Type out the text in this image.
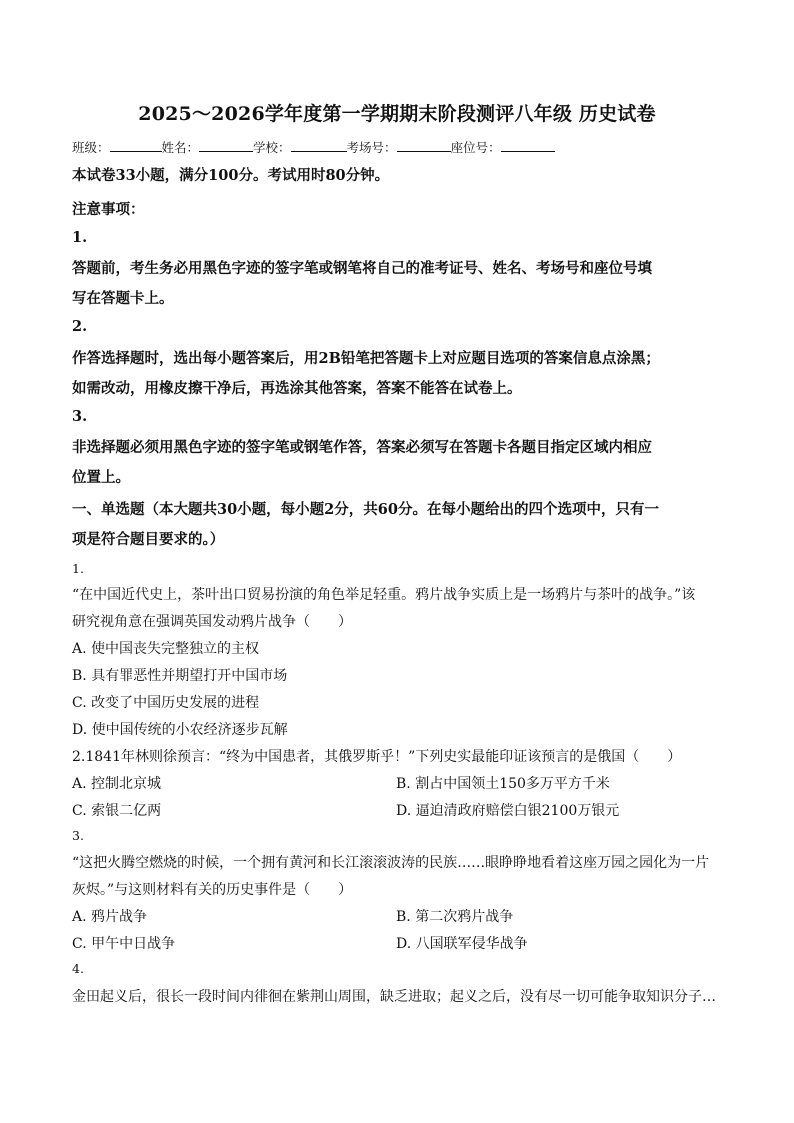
2025～2026学年度第一学期期末阶段测评八年级 历史试卷
班级：	姓名：	学校：	考场号：	座位号：
本试卷33小题，满分100分。考试用时80分钟。
注意事项：
1.
答题前，考生务必用黑色字迹的签字笔或钢笔将自己的准考证号、姓名、考场号和座位号填
写在答题卡上。
2.
作答选择题时，选出每小题答案后，用2B铅笔把答题卡上对应题目选项的答案信息点涂黑；
如需改动，用橡皮擦干净后，再选涂其他答案，答案不能答在试卷上。
3.
非选择题必须用黑色字迹的签字笔或钢笔作答，答案必须写在答题卡各题目指定区域内相应
位置上。
一、单选题（本大题共30小题，每小题2分，共60分。在每小题给出的四个选项中，只有一
项是符合题目要求的。）
1.
“在中国近代史上，茶叶出口贸易扮演的角色举足轻重。鸦片战争实质上是一场鸦片与茶叶的战争。”该
研究视角意在强调英国发动鸦片战争（　　）
A. 使中国丧失完整独立的主权
B. 具有罪恶性并期望打开中国市场
C. 改变了中国历史发展的进程
D. 使中国传统的小农经济逐步瓦解
2.1841年林则徐预言：“终为中国患者，其俄罗斯乎！”下列史实最能印证该预言的是俄国（　　）
A. 控制北京城	B. 割占中国领土150多万平方千米
C. 索银二亿两	D. 逼迫清政府赔偿白银2100万银元
3.
“这把火腾空燃烧的时候，一个拥有黄河和长江滚滚波涛的民族……眼睁睁地看着这座万园之园化为一片
灰烬。”与这则材料有关的历史事件是（　　）
A. 鸦片战争	B. 第二次鸦片战争
C. 甲午中日战争	D. 八国联军侵华战争
4.
金田起义后，很长一段时间内徘徊在紫荆山周围，缺乏进取；起义之后，没有尽一切可能争取知识分子…
